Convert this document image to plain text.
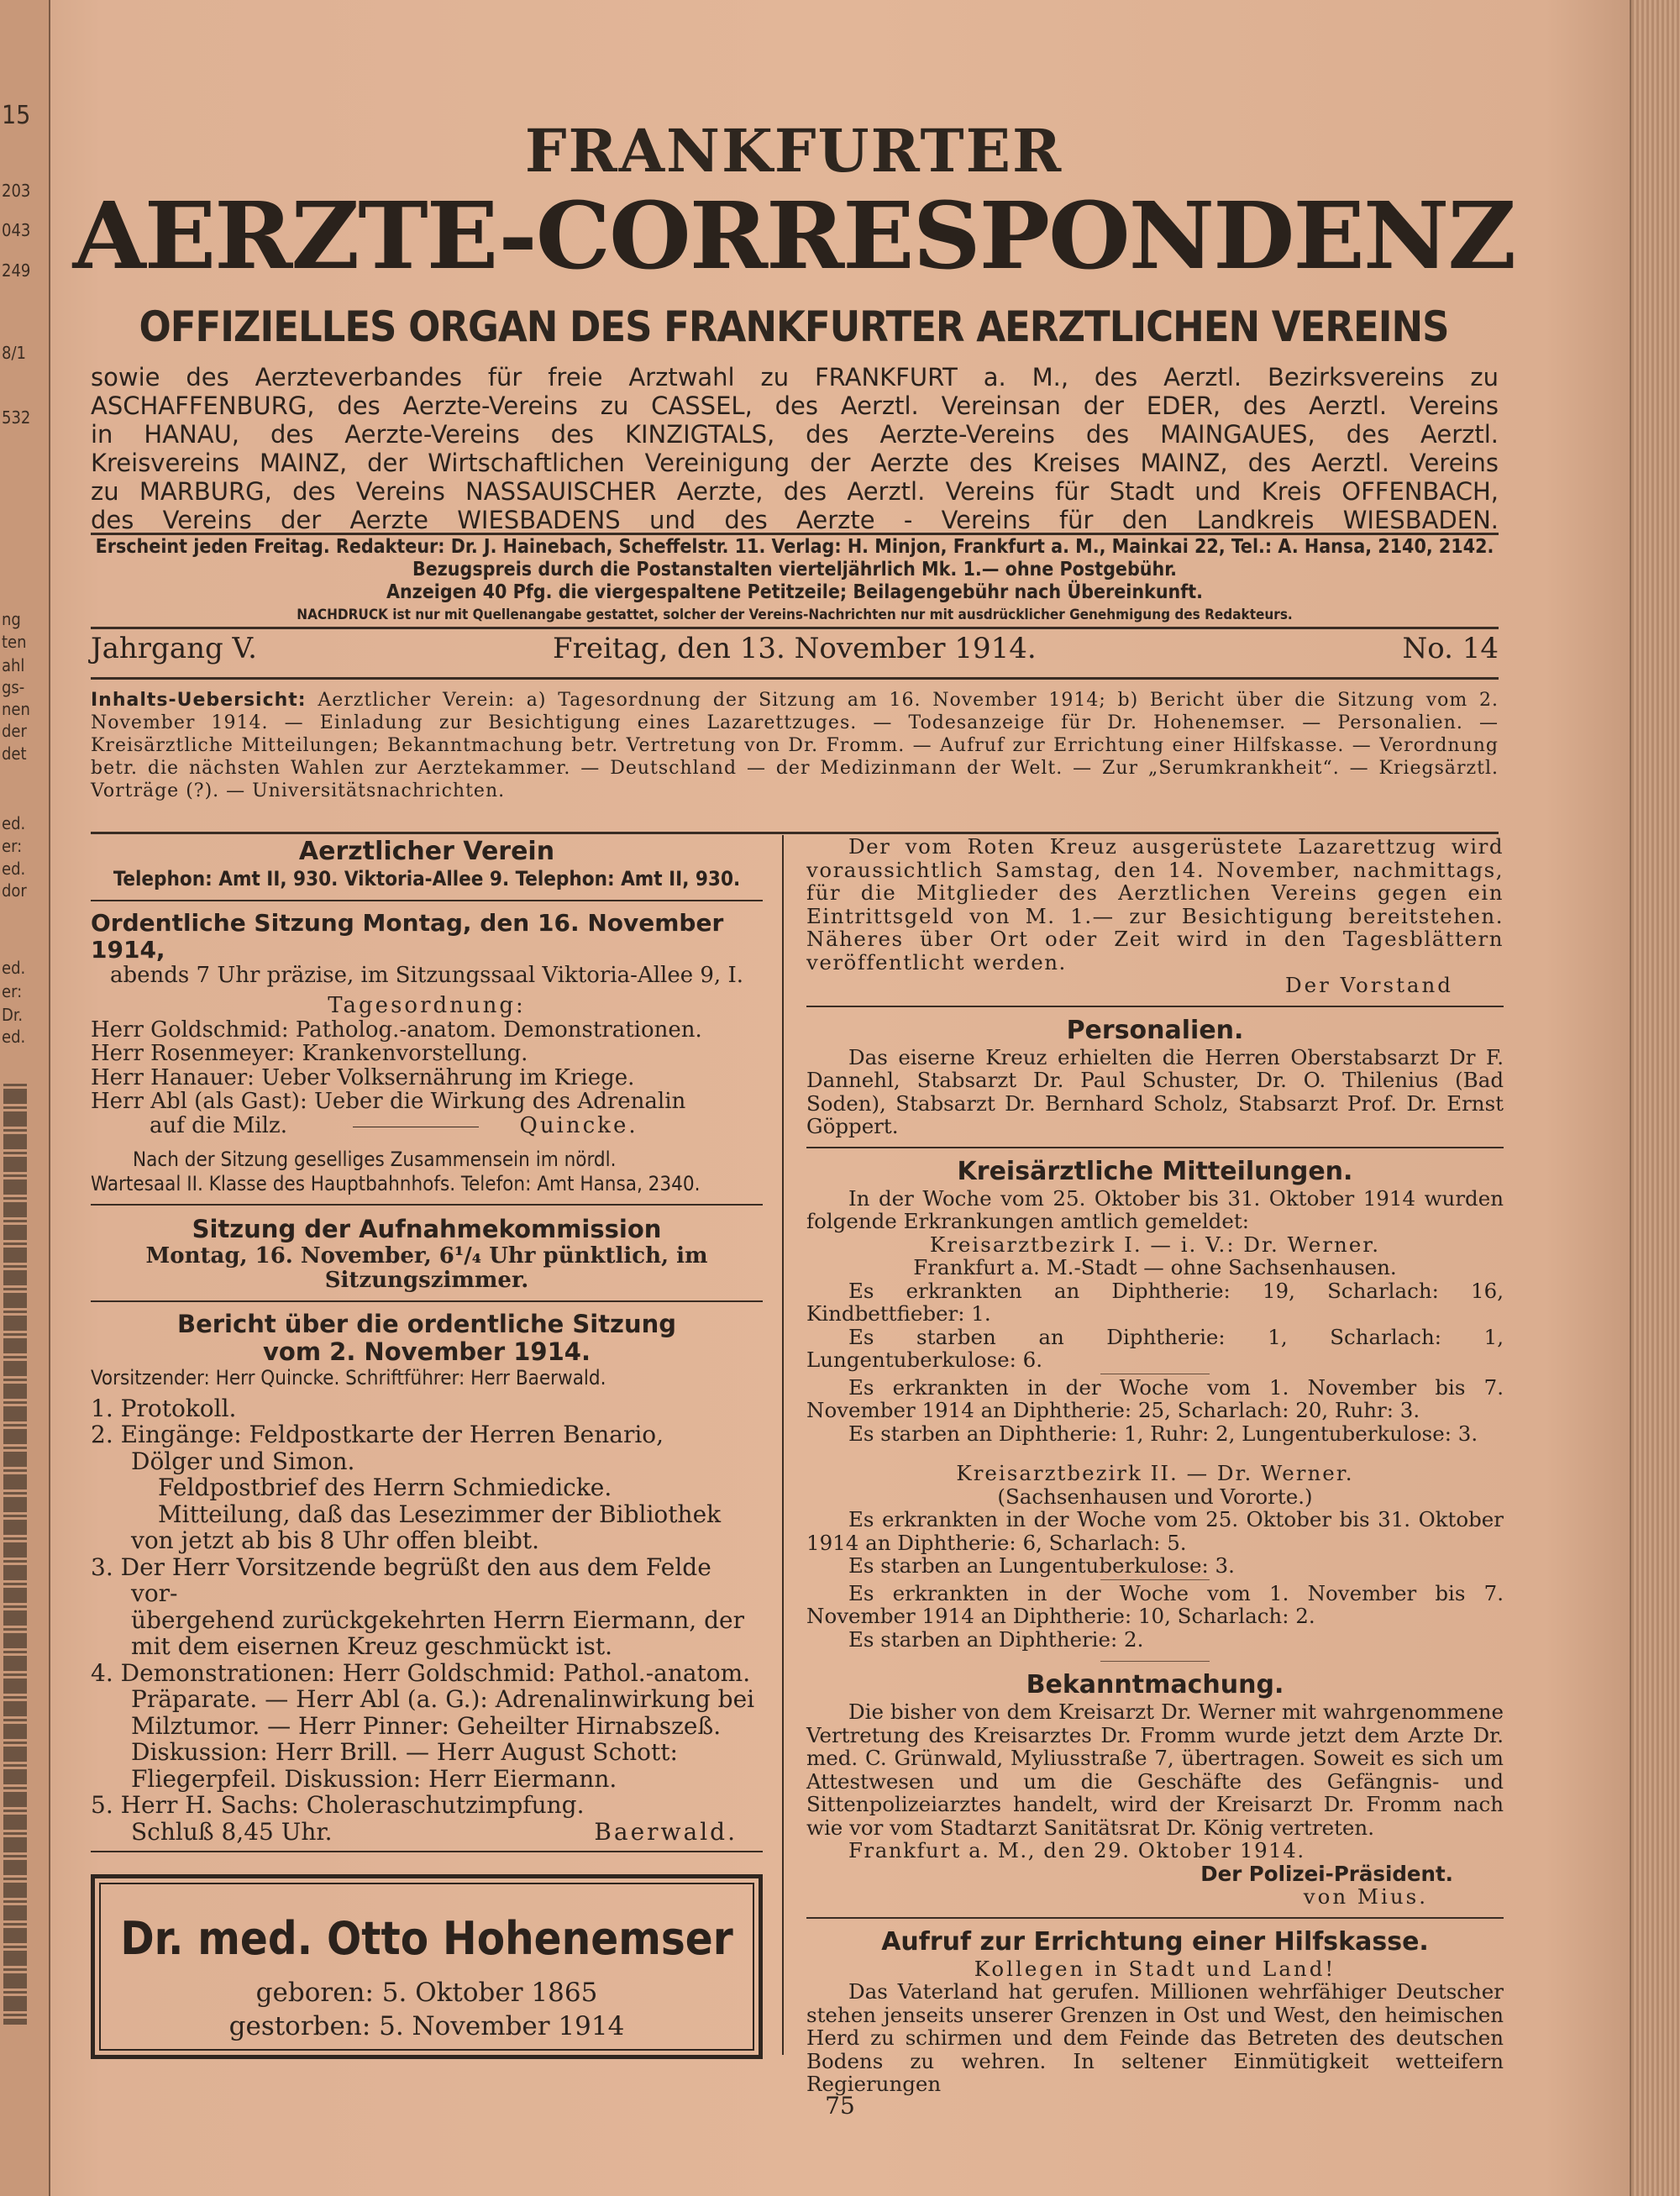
15
203
043
249
8/1
532
ng
ten
ahl
gs-
nen
der
det
ed.
er:
ed.
dor
ed.
er:
Dr.
ed.
FRANKFURTER
AERZTE-CORRESPONDENZ
OFFIZIELLES ORGAN DES FRANKFURTER AERZTLICHEN VEREINS
sowie des Aerzteverbandes für freie Arztwahl zu FRANKFURT a. M., des Aerztl. Bezirksvereins zu
ASCHAFFENBURG, des Aerzte-Vereins zu CASSEL, des Aerztl. Vereinsan der EDER, des Aerztl. Vereins
in HANAU, des Aerzte-Vereins des KINZIGTALS, des Aerzte-Vereins des MAINGAUES, des Aerztl.
Kreisvereins MAINZ, der Wirtschaftlichen Vereinigung der Aerzte des Kreises MAINZ, des Aerztl. Vereins
zu MARBURG, des Vereins NASSAUISCHER Aerzte, des Aerztl. Vereins für Stadt und Kreis OFFENBACH,
des Vereins der Aerzte WIESBADENS und des Aerzte - Vereins für den Landkreis WIESBADEN.
Erscheint jeden Freitag. Redakteur: Dr. J. Hainebach, Scheffelstr. 11. Verlag: H. Minjon, Frankfurt a. M., Mainkai 22, Tel.: A. Hansa, 2140, 2142.
Bezugspreis durch die Postanstalten vierteljährlich Mk. 1.— ohne Postgebühr.
Anzeigen 40 Pfg. die viergespaltene Petitzeile; Beilagengebühr nach Übereinkunft.
NACHDRUCK ist nur mit Quellenangabe gestattet, solcher der Vereins-Nachrichten nur mit ausdrücklicher Genehmigung des Redakteurs.
Jahrgang V.	Freitag, den 13. November 1914.	No. 14
Inhalts-Uebersicht: Aerztlicher Verein: a) Tagesordnung der Sitzung am 16. November 1914; b) Bericht über die Sitzung vom 2. November 1914. — Einladung zur Besichtigung eines Lazarettzuges. — Todesanzeige für Dr. Hohenemser. — Personalien. — Kreisärztliche Mitteilungen; Bekanntmachung betr. Vertretung von Dr. Fromm. — Aufruf zur Errichtung einer Hilfskasse. — Verordnung betr. die nächsten Wahlen zur Aerztekammer. — Deutschland — der Medizinmann der Welt. — Zur „Serumkrankheit“. — Kriegsärztl. Vorträge (?). — Universitätsnachrichten.

Aerztlicher Verein

Telephon: Amt II, 930. Viktoria-Allee 9. Telephon: Amt II, 930.

Ordentliche Sitzung Montag, den 16. November 1914,

abends 7 Uhr präzise, im Sitzungssaal Viktoria-Allee 9, I.

Tagesordnung:

Herr Goldschmid: Patholog.-anatom. Demonstrationen.

Herr Rosenmeyer: Krankenvorstellung.

Herr Hanauer: Ueber Volksernährung im Kriege.

Herr Abl (als Gast): Ueber die Wirkung des Adrenalin

auf die Milz.	Quincke.

Nach der Sitzung geselliges Zusammensein im nördl.

Wartesaal II. Klasse des Hauptbahnhofs. Telefon: Amt Hansa, 2340.

Sitzung der Aufnahmekommission

Montag, 16. November, 6¹/₄ Uhr pünktlich, im Sitzungszimmer.

Bericht über die ordentliche Sitzung

vom 2. November 1914.

Vorsitzender: Herr Quincke. Schriftführer: Herr Baerwald.

1. Protokoll.

2. Eingänge: Feldpostkarte der Herren Benario,

Dölger und Simon.

Feldpostbrief des Herrn Schmiedicke.

Mitteilung, daß das Lesezimmer der Bibliothek

von jetzt ab bis 8 Uhr offen bleibt.

3. Der Herr Vorsitzende begrüßt den aus dem Felde vor-

übergehend zurückgekehrten Herrn Eiermann, der

mit dem eisernen Kreuz geschmückt ist.

4. Demonstrationen: Herr Goldschmid: Pathol.-anatom.

Präparate. — Herr Abl (a. G.): Adrenalinwirkung bei

Milztumor. — Herr Pinner: Geheilter Hirnabszeß.

Diskussion: Herr Brill. — Herr August Schott:

Fliegerpfeil. Diskussion: Herr Eiermann.

5. Herr H. Sachs: Choleraschutzimpfung.

Schluß 8,45 Uhr.	Baerwald.

Dr. med. Otto Hohenemser
geboren: 5. Oktober 1865
gestorben: 5. November 1914

Der vom Roten Kreuz ausgerüstete Lazarettzug wird voraussichtlich Samstag, den 14. November, nachmittags, für die Mitglieder des Aerztlichen Vereins gegen ein Eintrittsgeld von M. 1.— zur Besichtigung bereitstehen. Näheres über Ort oder Zeit wird in den Tagesblättern veröffentlicht werden.

Der Vorstand

Personalien.

Das eiserne Kreuz erhielten die Herren Oberstabsarzt Dr F. Dannehl, Stabsarzt Dr. Paul Schuster, Dr. O. Thilenius (Bad Soden), Stabsarzt Dr. Bernhard Scholz, Stabsarzt Prof. Dr. Ernst Göppert.

Kreisärztliche Mitteilungen.

In der Woche vom 25. Oktober bis 31. Oktober 1914 wurden folgende Erkrankungen amtlich gemeldet:

Kreisarztbezirk I. — i. V.: Dr. Werner.

Frankfurt a. M.-Stadt — ohne Sachsenhausen.

Es erkrankten an Diphtherie: 19, Scharlach: 16, Kindbettfieber: 1.

Es starben an Diphtherie: 1, Scharlach: 1, Lungentuberkulose: 6.

Es erkrankten in der Woche vom 1. November bis 7. November 1914 an Diphtherie: 25, Scharlach: 20, Ruhr: 3.

Es starben an Diphtherie: 1, Ruhr: 2, Lungentuberkulose: 3.

Kreisarztbezirk II. — Dr. Werner.

(Sachsenhausen und Vororte.)

Es erkrankten in der Woche vom 25. Oktober bis 31. Oktober 1914 an Diphtherie: 6, Scharlach: 5.

Es starben an Lungentuberkulose: 3.

Es erkrankten in der Woche vom 1. November bis 7. November 1914 an Diphtherie: 10, Scharlach: 2.

Es starben an Diphtherie: 2.

Bekanntmachung.

Die bisher von dem Kreisarzt Dr. Werner mit wahrgenommene Vertretung des Kreisarztes Dr. Fromm wurde jetzt dem Arzte Dr. med. C. Grünwald, Myliusstraße 7, übertragen. Soweit es sich um Attestwesen und um die Geschäfte des Gefängnis- und Sittenpolizeiarztes handelt, wird der Kreisarzt Dr. Fromm nach wie vor vom Stadtarzt Sanitätsrat Dr. König vertreten.

Frankfurt a. M., den 29. Oktober 1914.

Der Polizei-Präsident.

von Mius.

Aufruf zur Errichtung einer Hilfskasse.

Kollegen in Stadt und Land!

Das Vaterland hat gerufen. Millionen wehrfähiger Deutscher stehen jenseits unserer Grenzen in Ost und West, den heimischen Herd zu schirmen und dem Feinde das Betreten des deutschen Bodens zu wehren. In seltener Einmütigkeit wetteifern Regierungen

75
